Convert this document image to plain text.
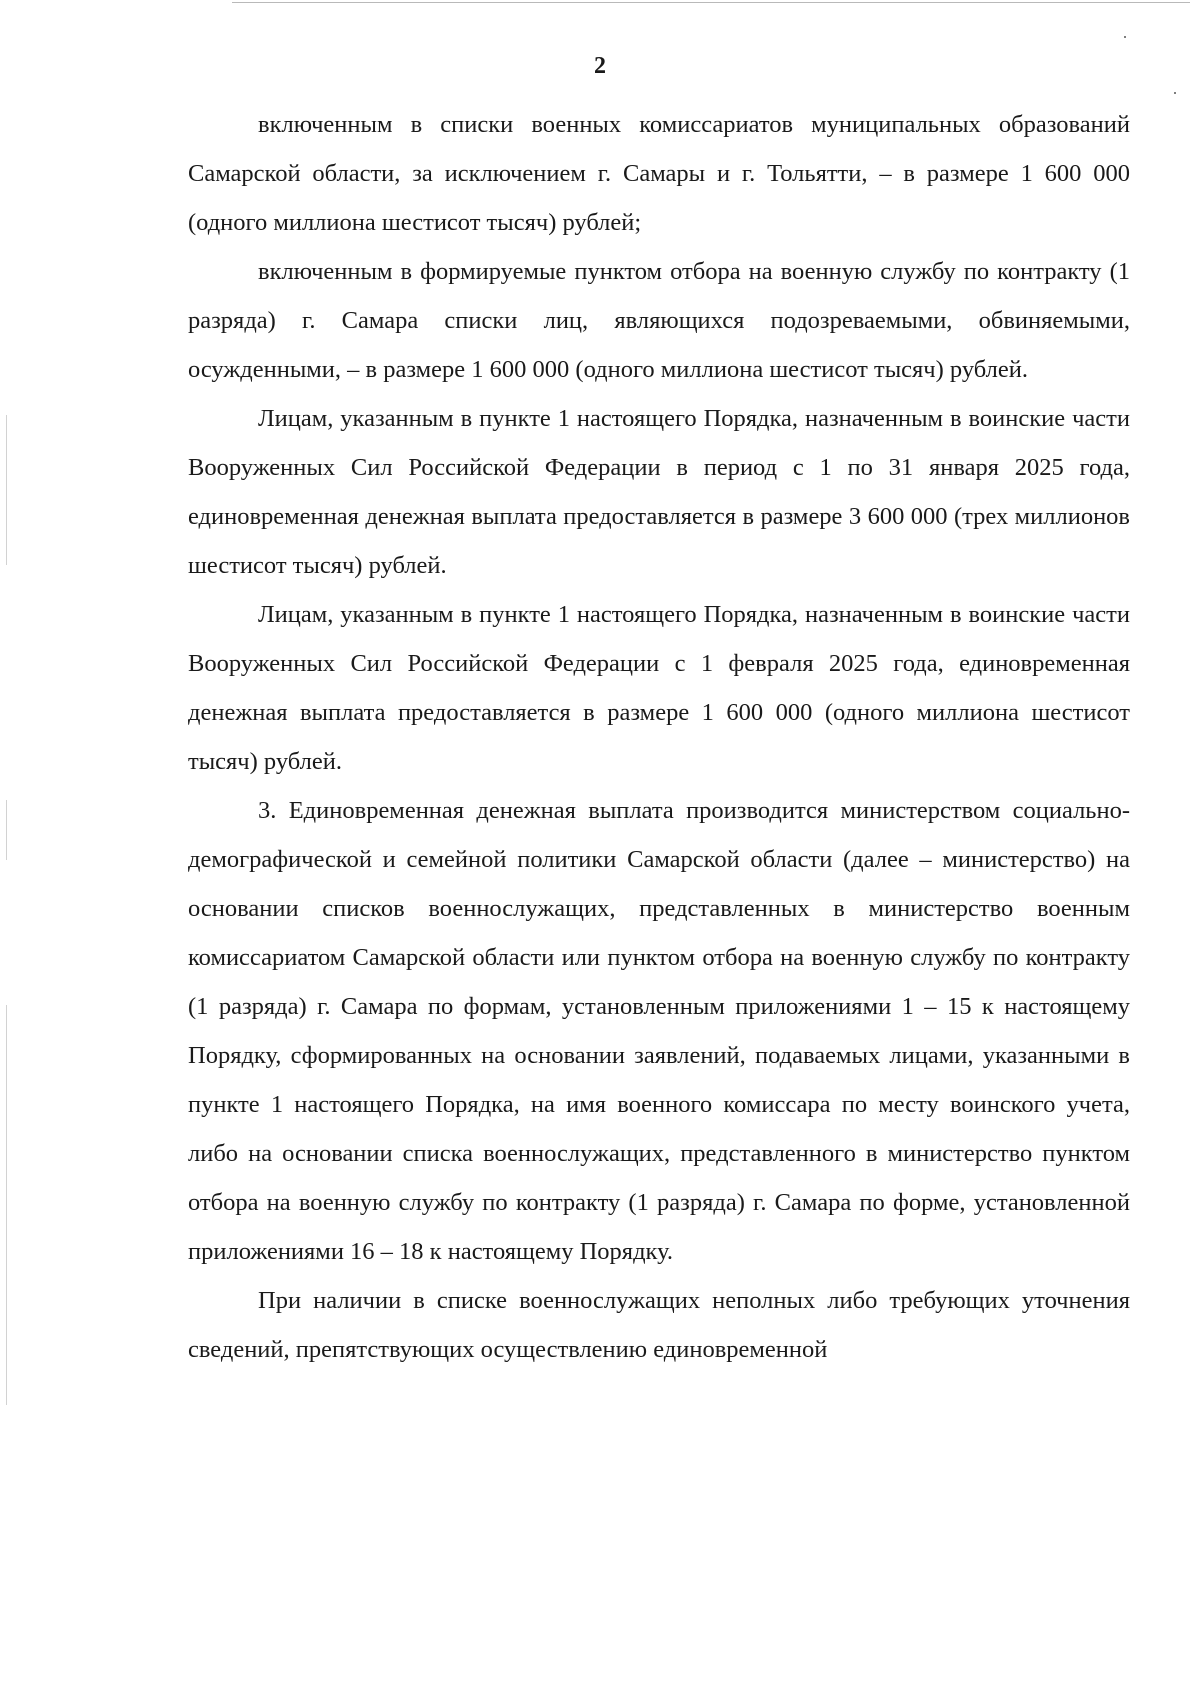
2

включенным в списки военных комиссариатов муниципальных образований Самарской области, за исключением г. Самары и г. Тольятти, – в размере 1 600 000 (одного миллиона шестисот тысяч) рублей;

включенным в формируемые пунктом отбора на военную службу по контракту (1 разряда) г. Самара списки лиц, являющихся подозреваемыми, обвиняемыми, осужденными, – в размере 1 600 000 (одного миллиона шестисот тысяч) рублей.

Лицам, указанным в пункте 1 настоящего Порядка, назначенным в воинские части Вооруженных Сил Российской Федерации в период с 1 по 31 января 2025 года, единовременная денежная выплата предоставляется в размере 3 600 000 (трех миллионов шестисот тысяч) рублей.

Лицам, указанным в пункте 1 настоящего Порядка, назначенным в воинские части Вооруженных Сил Российской Федерации с 1 февраля 2025 года, единовременная денежная выплата предоставляется в размере 1 600 000 (одного миллиона шестисот тысяч) рублей.

3. Единовременная денежная выплата производится министерством социально-демографической и семейной политики Самарской области (далее – министерство) на основании списков военнослужащих, представленных в министерство военным комиссариатом Самарской области или пунктом отбора на военную службу по контракту (1 разряда) г. Самара по формам, установленным приложениями 1 – 15 к настоящему Порядку, сформированных на основании заявлений, подаваемых лицами, указанными в пункте 1 настоящего Порядка, на имя военного комиссара по месту воинского учета, либо на основании списка военнослужащих, представленного в министерство пунктом отбора на военную службу по контракту (1 разряда) г. Самара по форме, установленной приложениями 16 – 18 к настоящему Порядку.

При наличии в списке военнослужащих неполных либо требующих уточнения сведений, препятствующих осуществлению единовременной
